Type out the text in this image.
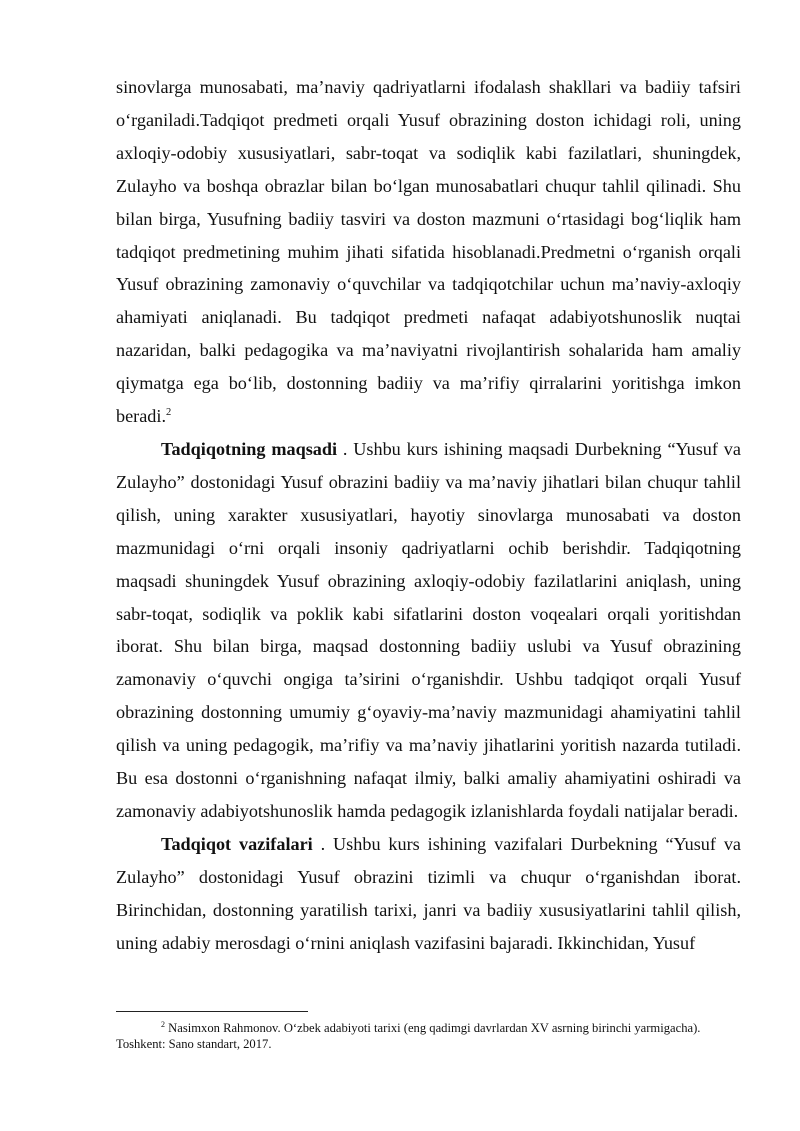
sinovlarga munosabati, ma’naviy qadriyatlarni ifodalash shakllari va badiiy tafsiri o‘rganiladi.Tadqiqot predmeti orqali Yusuf obrazining doston ichidagi roli, uning axloqiy-odobiy xususiyatlari, sabr-toqat va sodiqlik kabi fazilatlari, shuningdek, Zulayho va boshqa obrazlar bilan bo‘lgan munosabatlari chuqur tahlil qilinadi. Shu bilan birga, Yusufning badiiy tasviri va doston mazmuni o‘rtasidagi bog‘liqlik ham tadqiqot predmetining muhim jihati sifatida hisoblanadi.Predmetni o‘rganish orqali Yusuf obrazining zamonaviy o‘quvchilar va tadqiqotchilar uchun ma’naviy-axloqiy ahamiyati aniqlanadi. Bu tadqiqot predmeti nafaqat adabiyotshunoslik nuqtai nazaridan, balki pedagogika va ma’naviyatni rivojlantirish sohalarida ham amaliy qiymatga ega bo‘lib, dostonning badiiy va ma’rifiy qirralarini yoritishga imkon beradi.$^2$

Tadqiqotning maqsadi . Ushbu kurs ishining maqsadi Durbekning “Yusuf va Zulayho” dostonidagi Yusuf obrazini badiiy va ma’naviy jihatlari bilan chuqur tahlil qilish, uning xarakter xususiyatlari, hayotiy sinovlarga munosabati va doston mazmunidagi o‘rni orqali insoniy qadriyatlarni ochib berishdir. Tadqiqotning maqsadi shuningdek Yusuf obrazining axloqiy-odobiy fazilatlarini aniqlash, uning sabr-toqat, sodiqlik va poklik kabi sifatlarini doston voqealari orqali yoritishdan iborat. Shu bilan birga, maqsad dostonning badiiy uslubi va Yusuf obrazining zamonaviy o‘quvchi ongiga ta’sirini o‘rganishdir. Ushbu tadqiqot orqali Yusuf obrazining dostonning umumiy g‘oyaviy-ma’naviy mazmunidagi ahamiyatini tahlil qilish va uning pedagogik, ma’rifiy va ma’naviy jihatlarini yoritish nazarda tutiladi. Bu esa dostonni o‘rganishning nafaqat ilmiy, balki amaliy ahamiyatini oshiradi va zamonaviy adabiyotshunoslik hamda pedagogik izlanishlarda foydali natijalar beradi.

Tadqiqot vazifalari . Ushbu kurs ishining vazifalari Durbekning “Yusuf va Zulayho” dostonidagi Yusuf obrazini tizimli va chuqur o‘rganishdan iborat. Birinchidan, dostonning yaratilish tarixi, janri va badiiy xususiyatlarini tahlil qilish, uning adabiy merosdagi o‘rnini aniqlash vazifasini bajaradi. Ikkinchidan, Yusuf

$^2$ Nasimxon Rahmonov. O‘zbek adabiyoti tarixi (eng qadimgi davrlardan XV asrning birinchi yarmigacha).
Toshkent: Sano standart, 2017.
